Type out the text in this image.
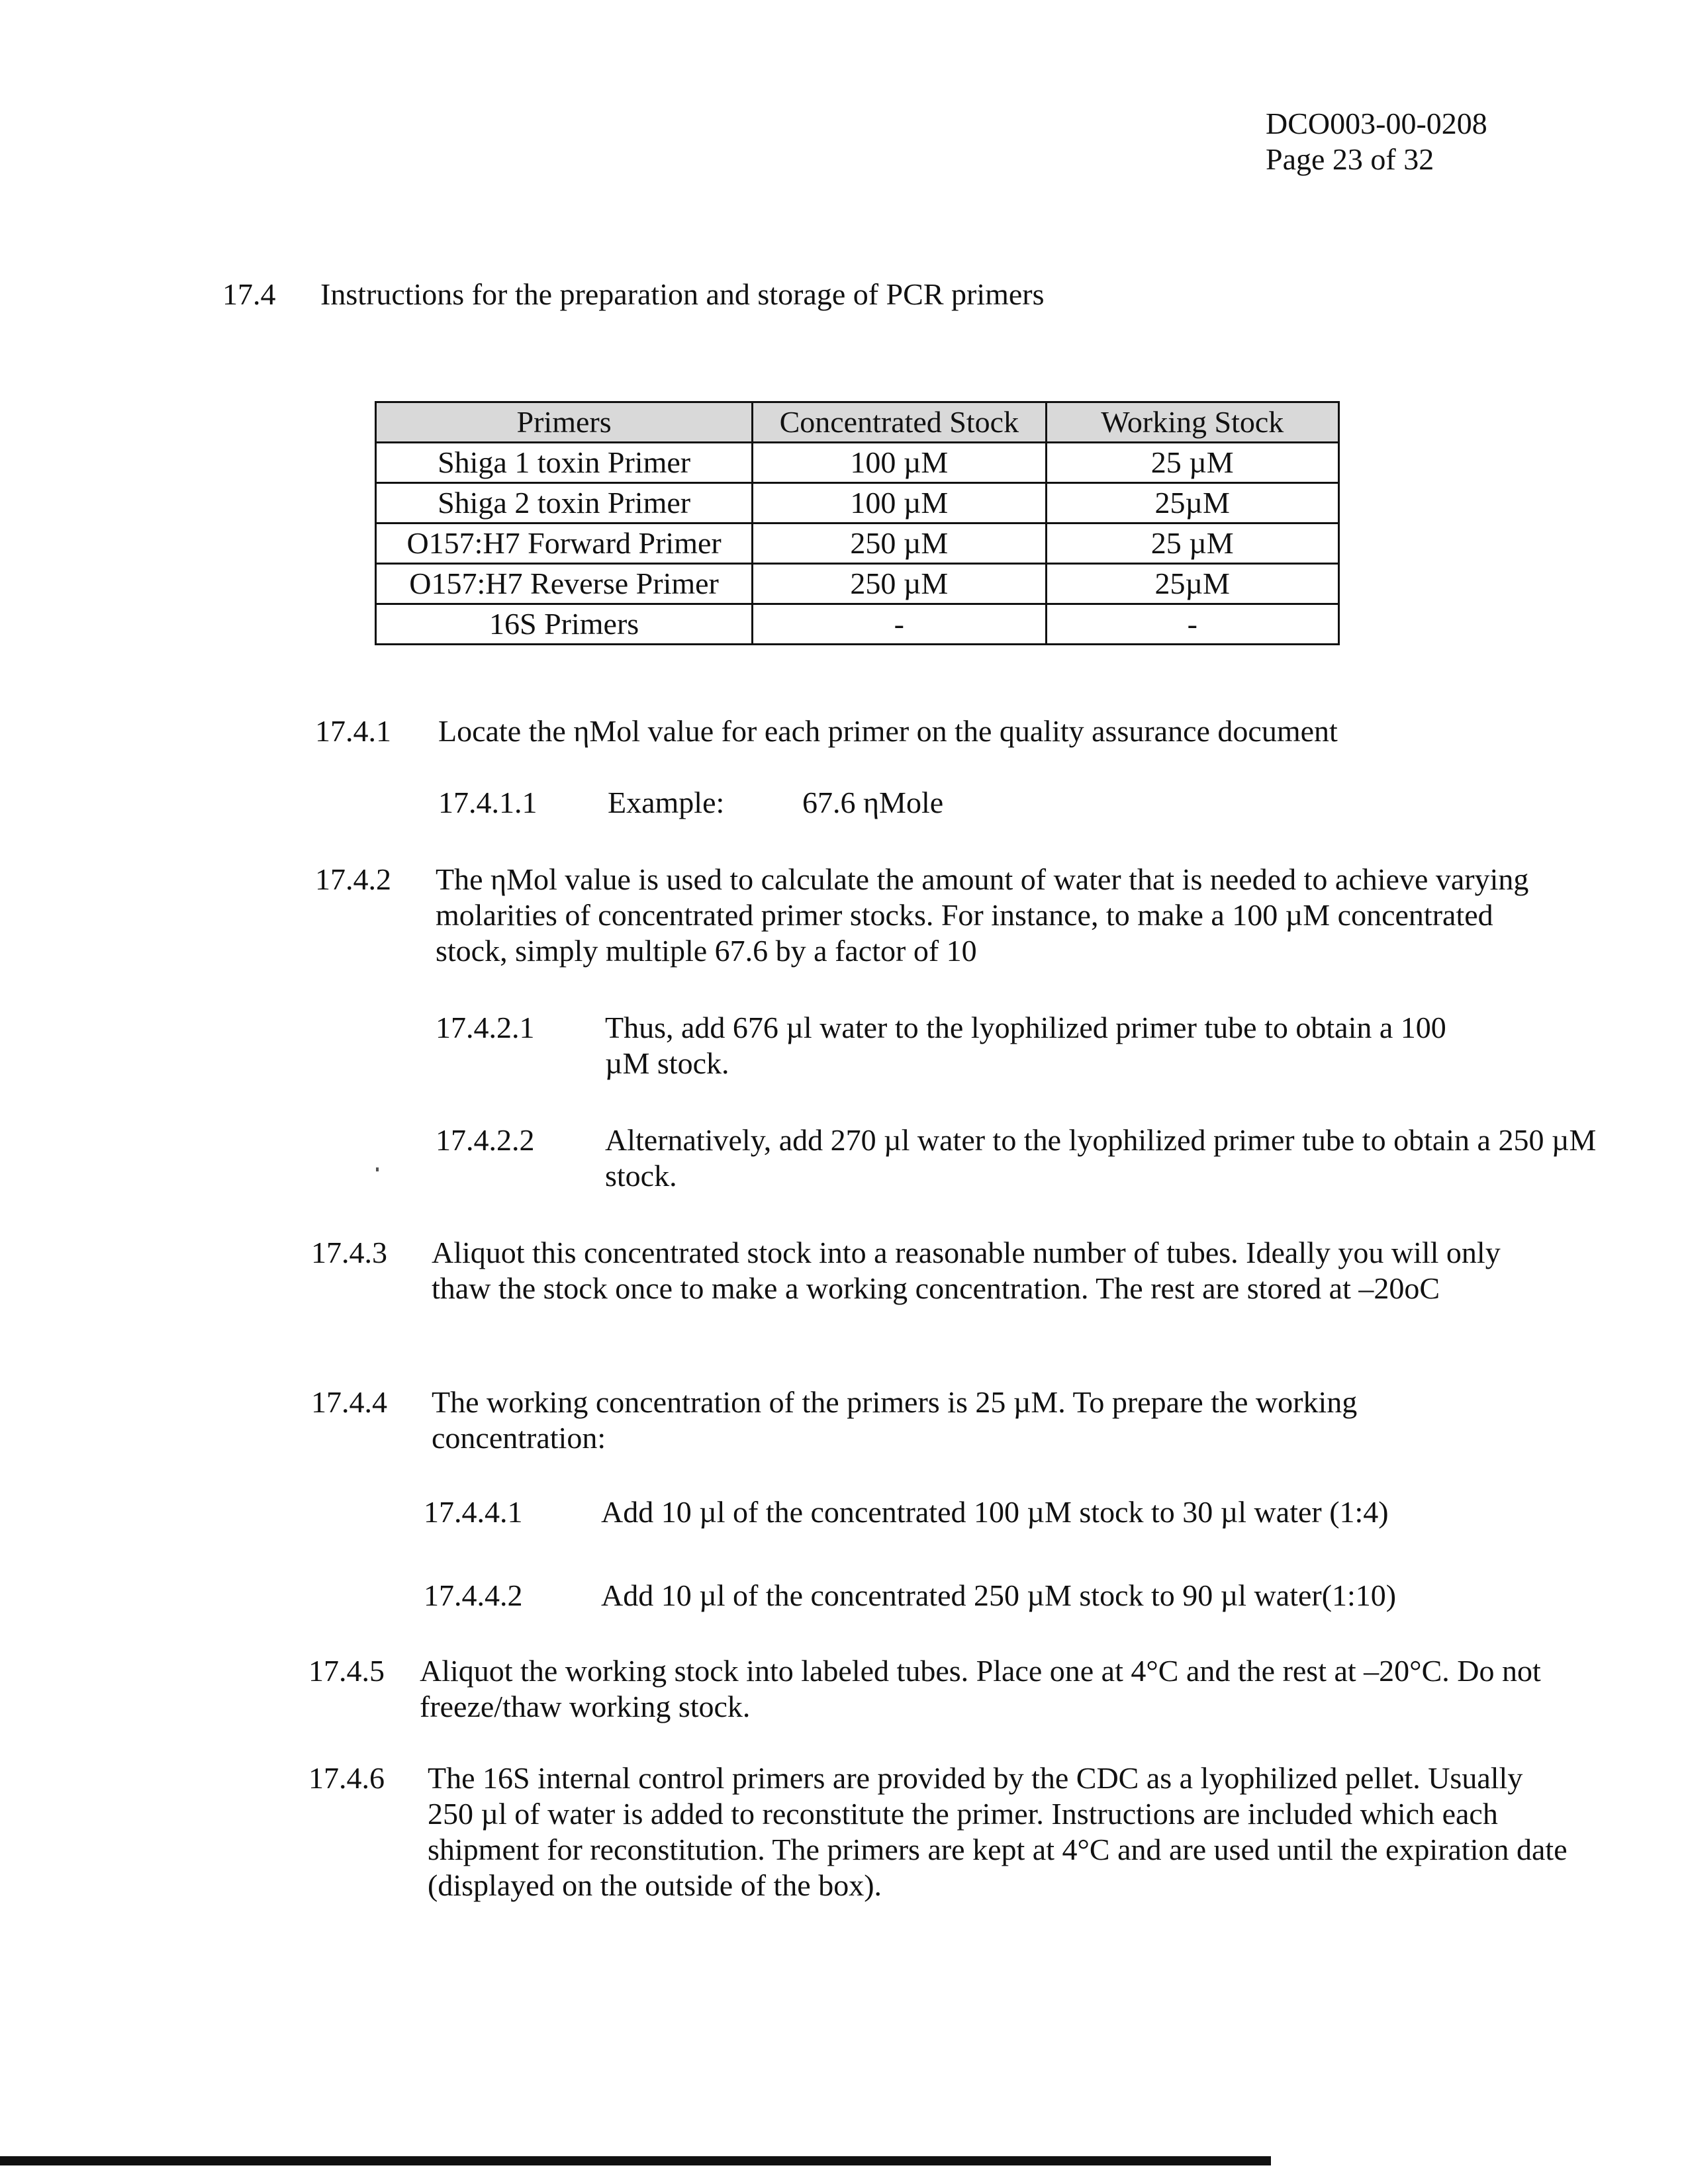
DCO003-00-0208
Page 23 of 32
17.4 Instructions for the preparation and storage of PCR primers
Primers	Concentrated Stock	Working Stock
Shiga 1 toxin Primer	100 µM	25 µM
Shiga 2 toxin Primer	100 µM	25µM
O157:H7 Forward Primer	250 µM	25 µM
O157:H7 Reverse Primer	250 µM	25µM
16S Primers	-	-
17.4.1 Locate the ηMol value for each primer on the quality assurance document
17.4.1.1 Example:	67.6 ηMole
17.4.2 The ηMol value is used to calculate the amount of water that is needed to achieve varying molarities of concentrated primer stocks. For instance, to make a 100 µM concentrated stock, simply multiple 67.6 by a factor of 10
17.4.2.1 Thus, add 676 µl water to the lyophilized primer tube to obtain a 100 µM stock.
17.4.2.2 Alternatively, add 270 µl water to the lyophilized primer tube to obtain a 250 µM stock.
17.4.3 Aliquot this concentrated stock into a reasonable number of tubes. Ideally you will only thaw the stock once to make a working concentration. The rest are stored at –20oC
17.4.4 The working concentration of the primers is 25 µM. To prepare the working concentration:
17.4.4.1	Add 10 µl of the concentrated 100 µM stock to 30 µl water (1:4)
17.4.4.2	Add 10 µl of the concentrated 250 µM stock to 90 µl water(1:10)
17.4.5 Aliquot the working stock into labeled tubes. Place one at 4°C and the rest at –20°C. Do not freeze/thaw working stock.
17.4.6 The 16S internal control primers are provided by the CDC as a lyophilized pellet. Usually 250 µl of water is added to reconstitute the primer. Instructions are included which each shipment for reconstitution. The primers are kept at 4°C and are used until the expiration date (displayed on the outside of the box).
